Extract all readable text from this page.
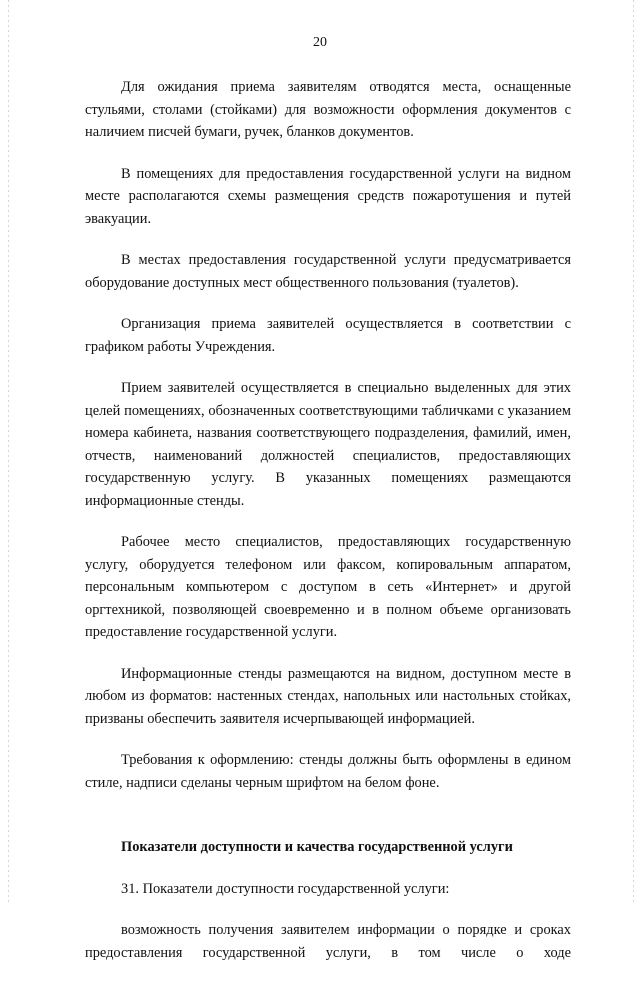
20

Для ожидания приема заявителям отводятся места, оснащенные стульями, столами (стойками) для возможности оформления документов с наличием писчей бумаги, ручек, бланков документов.

В помещениях для предоставления государственной услуги на видном месте располагаются схемы размещения средств пожаротушения и путей эвакуации.

В местах предоставления государственной услуги предусматривается оборудование доступных мест общественного пользования (туалетов).

Организация приема заявителей осуществляется в соответствии с графиком работы Учреждения.

Прием заявителей осуществляется в специально выделенных для этих целей помещениях, обозначенных соответствующими табличками с указанием номера кабинета, названия соответствующего подразделения, фамилий, имен, отчеств, наименований должностей специалистов, предоставляющих государственную услугу. В указанных помещениях размещаются информационные стенды.

Рабочее место специалистов, предоставляющих государственную услугу, оборудуется телефоном или факсом, копировальным аппаратом, персональным компьютером с доступом в сеть «Интернет» и другой оргтехникой, позволяющей своевременно и в полном объеме организовать предоставление государственной услуги.

Информационные стенды размещаются на видном, доступном месте в любом из форматов: настенных стендах, напольных или настольных стойках, призваны обеспечить заявителя исчерпывающей информацией.

Требования к оформлению: стенды должны быть оформлены в едином стиле, надписи сделаны черным шрифтом на белом фоне.

Показатели доступности и качества государственной услуги

31. Показатели доступности государственной услуги:

возможность получения заявителем информации о порядке и сроках предоставления государственной услуги, в том числе о ходе
